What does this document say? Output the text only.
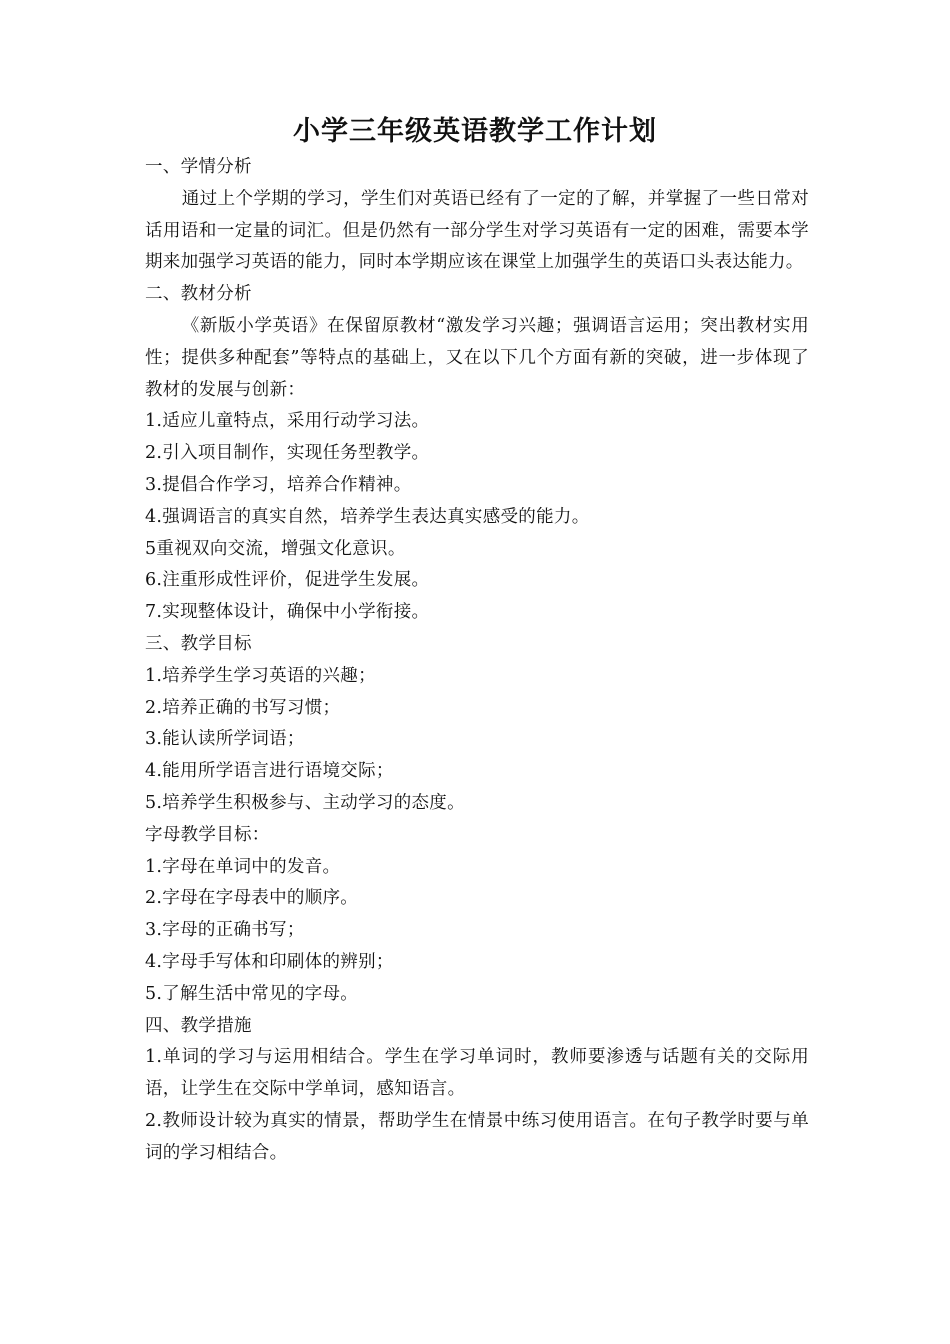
小学三年级英语教学工作计划

一、学情分析

通过上个学期的学习，学生们对英语已经有了一定的了解，并掌握了一些日常对话用语和一定量的词汇。但是仍然有一部分学生对学习英语有一定的困难，需要本学期来加强学习英语的能力，同时本学期应该在课堂上加强学生的英语口头表达能力。

二、教材分析

《新版小学英语》在保留原教材“激发学习兴趣；强调语言运用；突出教材实用性；提供多种配套”等特点的基础上，又在以下几个方面有新的突破，进一步体现了教材的发展与创新：

1.适应儿童特点，采用行动学习法。

2.引入项目制作，实现任务型教学。

3.提倡合作学习，培养合作精神。

4.强调语言的真实自然，培养学生表达真实感受的能力。

5重视双向交流，增强文化意识。

6.注重形成性评价，促进学生发展。

7.实现整体设计，确保中小学衔接。

三、教学目标

1.培养学生学习英语的兴趣；

2.培养正确的书写习惯；

3.能认读所学词语；

4.能用所学语言进行语境交际；

5.培养学生积极参与、主动学习的态度。

字母教学目标：

1.字母在单词中的发音。

2.字母在字母表中的顺序。

3.字母的正确书写；

4.字母手写体和印刷体的辨别；

5.了解生活中常见的字母。

四、教学措施

1.单词的学习与运用相结合。学生在学习单词时，教师要渗透与话题有关的交际用语，让学生在交际中学单词，感知语言。

2.教师设计较为真实的情景，帮助学生在情景中练习使用语言。在句子教学时要与单词的学习相结合。
